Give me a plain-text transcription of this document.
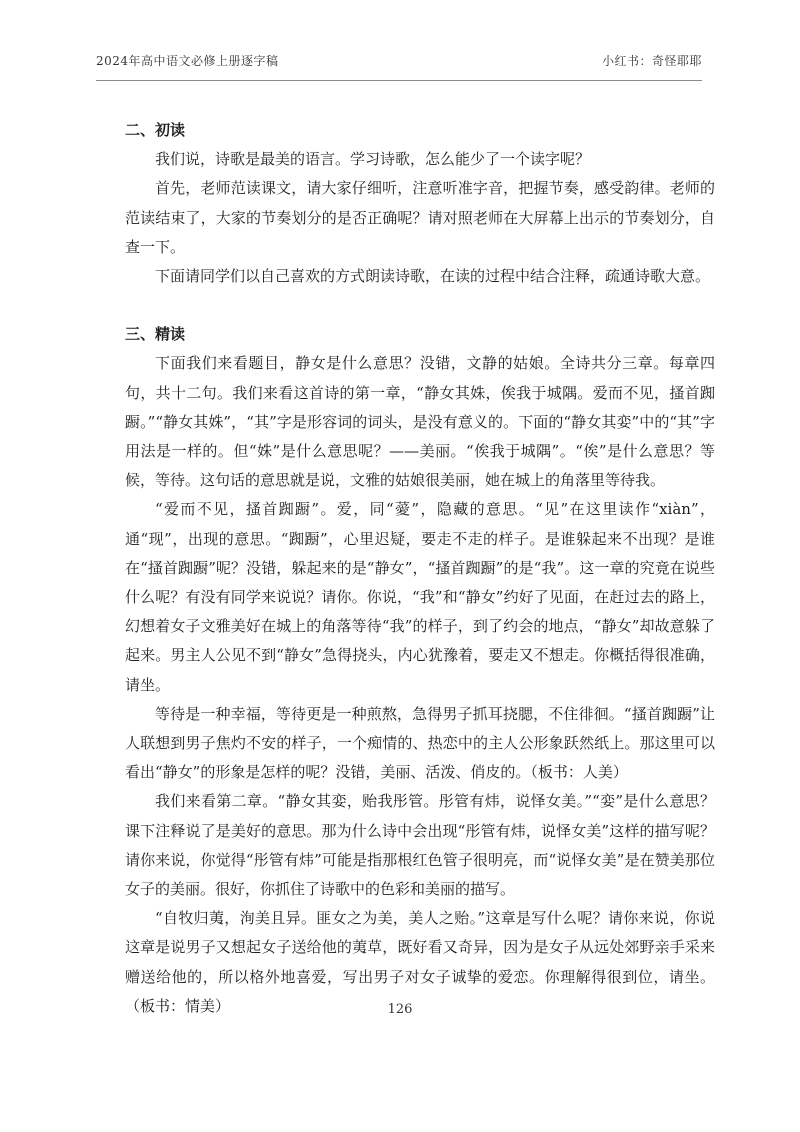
2024年高中语文必修上册逐字稿	小红书：奇怪耶耶
二、初读

我们说，诗歌是最美的语言。学习诗歌，怎么能少了一个读字呢？

首先，老师范读课文，请大家仔细听，注意听准字音，把握节奏，感受韵律。老师的范读结束了，大家的节奏划分的是否正确呢？请对照老师在大屏幕上出示的节奏划分，自查一下。

下面请同学们以自己喜欢的方式朗读诗歌，在读的过程中结合注释，疏通诗歌大意。

三、精读

下面我们来看题目，静女是什么意思？没错，文静的姑娘。全诗共分三章。每章四句，共十二句。我们来看这首诗的第一章，“静女其姝，俟我于城隅。爱而不见，搔首踟蹰。”“静女其姝”，“其”字是形容词的词头，是没有意义的。下面的“静女其娈”中的“其”字用法是一样的。但“姝”是什么意思呢？——美丽。“俟我于城隅”。“俟”是什么意思？等候，等待。这句话的意思就是说，文雅的姑娘很美丽，她在城上的角落里等待我。

“爱而不见，搔首踟蹰”。爱，同“薆”，隐藏的意思。“见”在这里读作“xiàn”，通“现”，出现的意思。“踟蹰”，心里迟疑，要走不走的样子。是谁躲起来不出现？是谁在“搔首踟蹰”呢？没错，躲起来的是“静女”，“搔首踟蹰”的是“我”。这一章的究竟在说些什么呢？有没有同学来说说？请你。你说，“我”和“静女”约好了见面，在赶过去的路上，幻想着女子文雅美好在城上的角落等待“我”的样子，到了约会的地点，“静女”却故意躲了起来。男主人公见不到“静女”急得挠头，内心犹豫着，要走又不想走。你概括得很准确，请坐。

等待是一种幸福，等待更是一种煎熬，急得男子抓耳挠腮，不住徘徊。“搔首踟蹰”让人联想到男子焦灼不安的样子，一个痴情的、热恋中的主人公形象跃然纸上。那这里可以看出“静女”的形象是怎样的呢？没错，美丽、活泼、俏皮的。（板书：人美）

我们来看第二章。“静女其娈，贻我彤管。彤管有炜，说怿女美。”“娈”是什么意思？课下注释说了是美好的意思。那为什么诗中会出现“彤管有炜，说怿女美”这样的描写呢？请你来说，你觉得“彤管有炜”可能是指那根红色管子很明亮，而“说怿女美”是在赞美那位女子的美丽。很好，你抓住了诗歌中的色彩和美丽的描写。

“自牧归荑，洵美且异。匪女之为美，美人之贻。”这章是写什么呢？请你来说，你说这章是说男子又想起女子送给他的荑草，既好看又奇异，因为是女子从远处郊野亲手采来赠送给他的，所以格外地喜爱，写出男子对女子诚挚的爱恋。你理解得很到位，请坐。（板书：情美）	126
